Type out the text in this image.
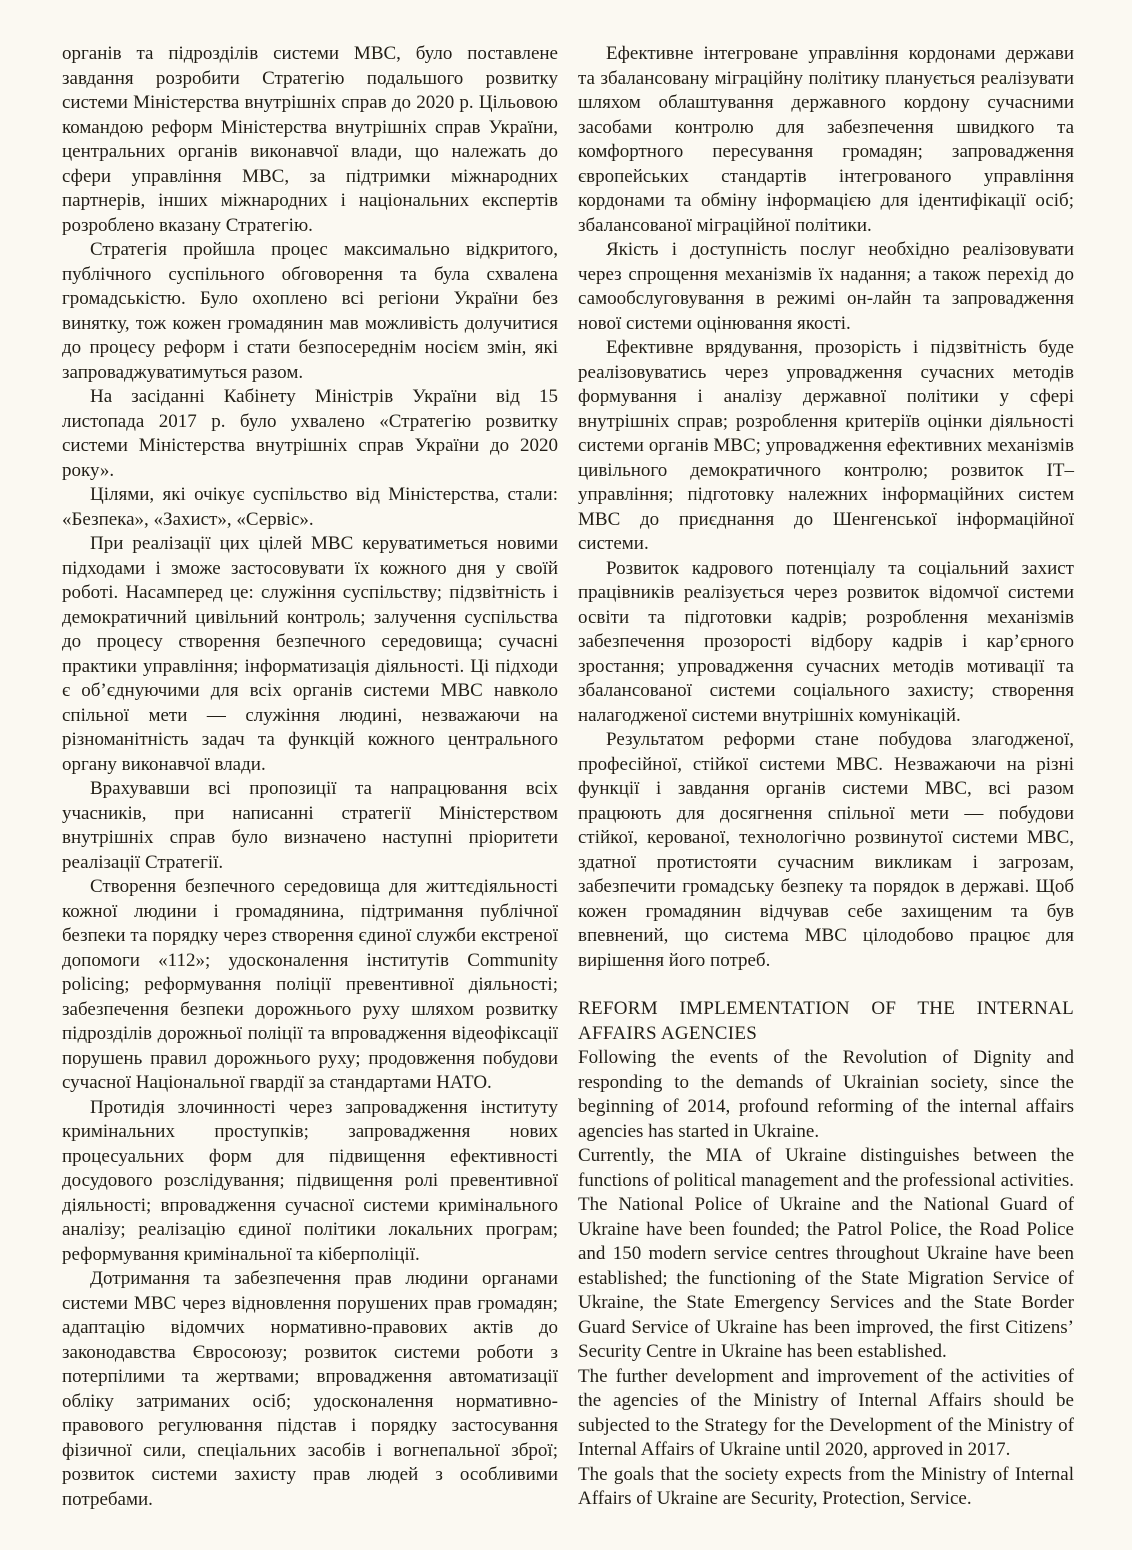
органів та підрозділів системи МВС, було поставлене завдання розробити Стратегію подальшого розвитку системи Міністерства внутрішніх справ до 2020 р. Цільовою командою реформ Міністерства внутрішніх справ України, центральних органів виконавчої влади, що належать до сфери управління МВС, за підтримки міжнародних партнерів, інших міжнародних і національних експертів розроблено вказану Стратегію.

Стратегія пройшла процес максимально відкритого, публічного суспільного обговорення та була схвалена громадськістю. Було охоплено всі регіони України без винятку, тож кожен громадянин мав можливість долучитися до процесу реформ і стати безпосереднім носієм змін, які запроваджуватимуться разом.

На засіданні Кабінету Міністрів України від 15 листопада 2017 р. було ухвалено «Стратегію розвитку системи Міністерства внутрішніх справ України до 2020 року».

Цілями, які очікує суспільство від Міністерства, стали: «Безпека», «Захист», «Сервіс».

При реалізації цих цілей МВС керуватиметься новими підходами і зможе застосовувати їх кожного дня у своїй роботі. Насамперед це: служіння суспільству; підзвітність і демократичний цивільний контроль; залучення суспільства до процесу створення безпечного середовища; сучасні практики управління; інформатизація діяльності. Ці підходи є об’єднуючими для всіх органів системи МВС навколо спільної мети — служіння людині, незважаючи на різноманітність задач та функцій кожного центрального органу виконавчої влади.

Врахувавши всі пропозиції та напрацювання всіх учасників, при написанні стратегії Міністерством внутрішніх справ було визначено наступні пріоритети реалізації Стратегії.

Створення безпечного середовища для життєдіяльності кожної людини і громадянина, підтримання публічної безпеки та порядку через створення єдиної служби екстреної допомоги «112»; удосконалення інститутів Community policing; реформування поліції превентивної діяльності; забезпечення безпеки дорожнього руху шляхом розвитку підрозділів дорожньої поліції та впровадження відеофіксації порушень правил дорожнього руху; продовження побудови сучасної Національної гвардії за стандартами НАТО.

Протидія злочинності через запровадження інституту кримінальних проступків; запровадження нових процесуальних форм для підвищення ефективності досудового розслідування; підвищення ролі превентивної діяльності; впровадження сучасної системи кримінального аналізу; реалізацію єдиної політики локальних програм; реформування кримінальної та кіберполіції.

Дотримання та забезпечення прав людини органами системи МВС через відновлення порушених прав громадян; адаптацію відомчих нормативно-правових актів до законодавства Євросоюзу; розвиток системи роботи з потерпілими та жертвами; впровадження автоматизації обліку затриманих осіб; удосконалення нормативно-правового регулювання підстав і порядку застосування фізичної сили, спеціальних засобів і вогнепальної зброї; розвиток системи захисту прав людей з особливими потребами.

Ефективне інтегроване управління кордонами держави та збалансовану міграційну політику планується реалізувати шляхом облаштування державного кордону сучасними засобами контролю для забезпечення швидкого та комфортного пересування громадян; запровадження європейських стандартів інтегрованого управління кордонами та обміну інформацією для ідентифікації осіб; збалансованої міграційної політики.

Якість і доступність послуг необхідно реалізовувати через спрощення механізмів їх надання; а також перехід до самообслуговування в режимі он-лайн та запровадження нової системи оцінювання якості.

Ефективне врядування, прозорість і підзвітність буде реалізовуватись через упровадження сучасних методів формування і аналізу державної політики у сфері внутрішніх справ; розроблення критеріїв оцінки діяльності системи органів МВС; упровадження ефективних механізмів цивільного демократичного контролю; розвиток ІТ–управління; підготовку належних інформаційних систем МВС до приєднання до Шенгенської інформаційної системи.

Розвиток кадрового потенціалу та соціальний захист працівників реалізується через розвиток відомчої системи освіти та підготовки кадрів; розроблення механізмів забезпечення прозорості відбору кадрів і кар’єрного зростання; упровадження сучасних методів мотивації та збалансованої системи соціального захисту; створення налагодженої системи внутрішніх комунікацій.

Результатом реформи стане побудова злагодженої, професійної, стійкої системи МВС. Незважаючи на різні функції і завдання органів системи МВС, всі разом працюють для досягнення спільної мети — побудови стійкої, керованої, технологічно розвинутої системи МВС, здатної протистояти сучасним викликам і загрозам, забезпечити громадську безпеку та порядок в державі. Щоб кожен громадянин відчував себе захищеним та був впевнений, що система МВС цілодобово працює для вирішення його потреб.

REFORM IMPLEMENTATION OF THE INTERNAL AFFAIRS AGENCIES

Following the events of the Revolution of Dignity and responding to the demands of Ukrainian society, since the beginning of 2014, profound reforming of the internal affairs agencies has started in Ukraine.

Currently, the MIA of Ukraine distinguishes between the functions of political management and the professional activities. The National Police of Ukraine and the National Guard of Ukraine have been founded; the Patrol Police, the Road Police and 150 modern service centres throughout Ukraine have been established; the functioning of the State Migration Service of Ukraine, the State Emergency Services and the State Border Guard Service of Ukraine has been improved, the first Citizens’ Security Centre in Ukraine has been established.

The further development and improvement of the activities of the agencies of the Ministry of Internal Affairs should be subjected to the Strategy for the Development of the Ministry of Internal Affairs of Ukraine until 2020, approved in 2017.

The goals that the society expects from the Ministry of Internal Affairs of Ukraine are Security, Protection, Service.
